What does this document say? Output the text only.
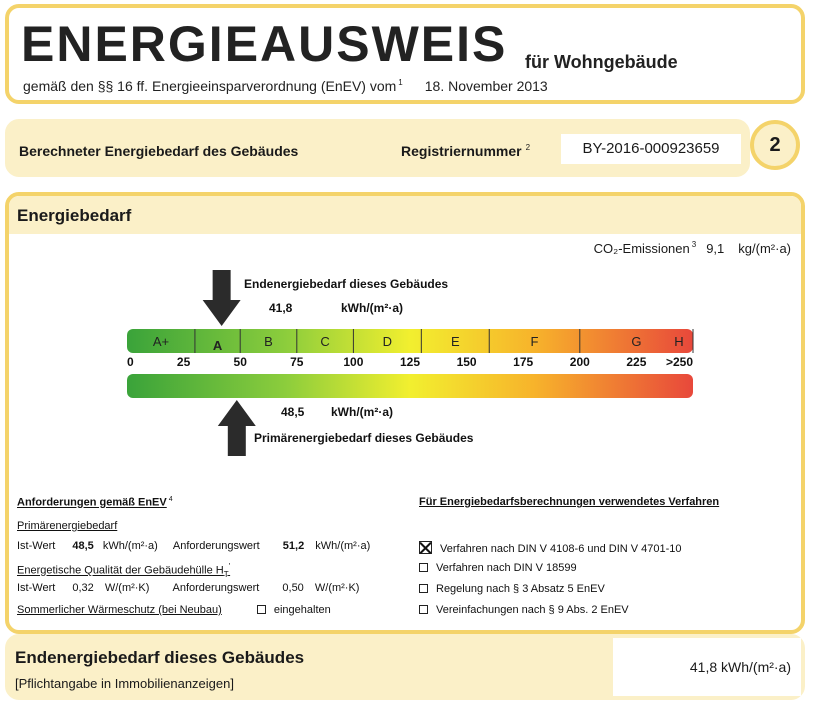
ENERGIEAUSWEIS für Wohngebäude
gemäß den §§ 16 ff. Energieeinsparverordnung (EnEV) vom $^1$ 18. November 2013
Berechneter Energiebedarf des Gebäudes	Registriernummer $^2$	BY-2016-000923659	2
Energiebedarf
CO₂-Emissionen $^3$ 9,1 kg/(m²·a)
Endenergiebedarf dieses Gebäudes
41,8	kWh/(m²·a)
A+	A	B	C	D	E	F	G	H
0	25	50	75	100	125	150	175	200	225 >250
48,5 kWh/(m²·a)
Primärenergiebedarf dieses Gebäudes
Anforderungen gemäß EnEV $^4$
Primärenergiebedarf
Ist-Wert 48,5 kWh/(m²·a) Anforderungswert 51,2 kWh/(m²·a)
Energetische Qualität der Gebäudehülle $H_T'$
Ist-Wert 0,32 W/(m²·K) Anforderungswert 0,50 W/(m²·K)
Sommerlicher Wärmeschutz (bei Neubau)	eingehalten
Für Energiebedarfsberechnungen verwendetes Verfahren
Verfahren nach DIN V 4108-6 und DIN V 4701-10
Verfahren nach DIN V 18599
Regelung nach § 3 Absatz 5 EnEV
Vereinfachungen nach § 9 Abs. 2 EnEV
Endenergiebedarf dieses Gebäudes
[Pflichtangabe in Immobilienanzeigen]
41,8 kWh/(m²·a)
